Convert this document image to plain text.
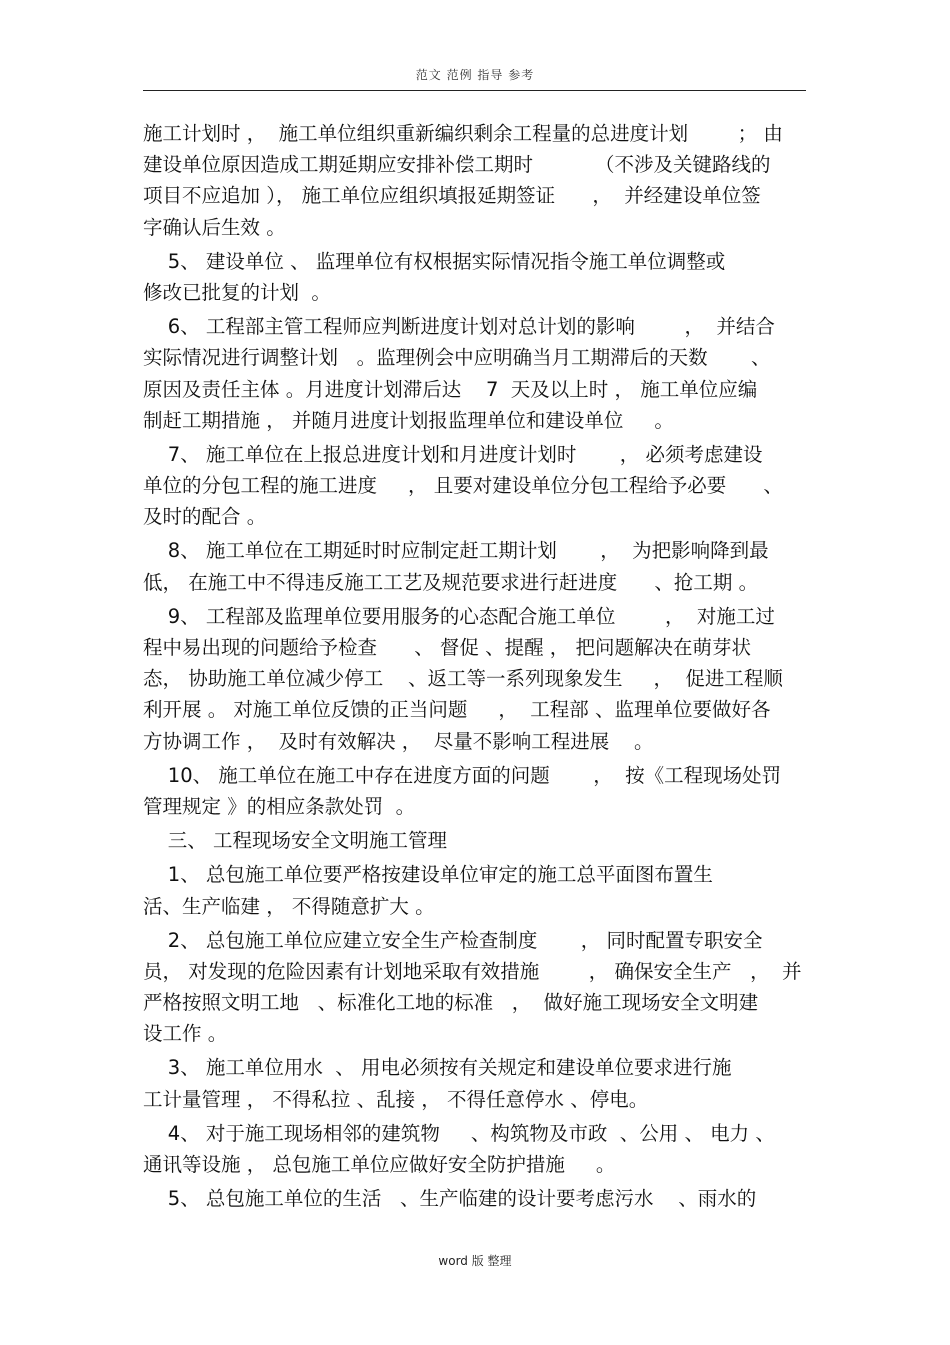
范文 范例 指导 参考
施工计划时 ，  施工单位组织重新编织剩余工程量的总进度计划        ； 由
建设单位原因造成工期延期应安排补偿工期时          （不涉及关键路线的
项目不应追加 ）， 施工单位应组织填报延期签证      ，  并经建设单位签
字确认后生效 。
5、 建设单位 、 监理单位有权根据实际情况指令施工单位调整或
修改已批复的计划  。
6、 工程部主管工程师应判断进度计划对总计划的影响        ，  并结合
实际情况进行调整计划   。监理例会中应明确当月工期滞后的天数       、
原因及责任主体 。月进度计划滞后达    7  天及以上时 ， 施工单位应编
制赶工期措施 ， 并随月进度计划报监理单位和建设单位     。
7、 施工单位在上报总进度计划和月进度计划时       ， 必须考虑建设
单位的分包工程的施工进度     ， 且要对建设单位分包工程给予必要      、
及时的配合 。
8、 施工单位在工期延时时应制定赶工期计划       ，  为把影响降到最
低， 在施工中不得违反施工工艺及规范要求进行赶进度      、抢工期 。
9、 工程部及监理单位要用服务的心态配合施工单位        ，  对施工过
程中易出现的问题给予检查      、 督促 、提醒 ， 把问题解决在萌芽状
态， 协助施工单位减少停工    、返工等一系列现象发生     ，  促进工程顺
利开展 。 对施工单位反馈的正当问题     ，  工程部 、监理单位要做好各
方协调工作 ，  及时有效解决 ，  尽量不影响工程进展    。
10、 施工单位在施工中存在进度方面的问题       ，  按《工程现场处罚
管理规定 》的相应条款处罚  。
三、 工程现场安全文明施工管理
1、 总包施工单位要严格按建设单位审定的施工总平面图布置生
活、生产临建 ， 不得随意扩大 。
2、 总包施工单位应建立安全生产检查制度       ， 同时配置专职安全
员， 对发现的危险因素有计划地采取有效措施        ， 确保安全生产   ，  并
严格按照文明工地   、标准化工地的标准   ，  做好施工现场安全文明建
设工作 。
3、 施工单位用水  、 用电必须按有关规定和建设单位要求进行施
工计量管理 ， 不得私拉 、乱接 ， 不得任意停水 、停电。
4、 对于施工现场相邻的建筑物     、构筑物及市政  、公用 、 电力 、
通讯等设施 ， 总包施工单位应做好安全防护措施     。
5、 总包施工单位的生活   、生产临建的设计要考虑污水    、雨水的
word 版 整理
